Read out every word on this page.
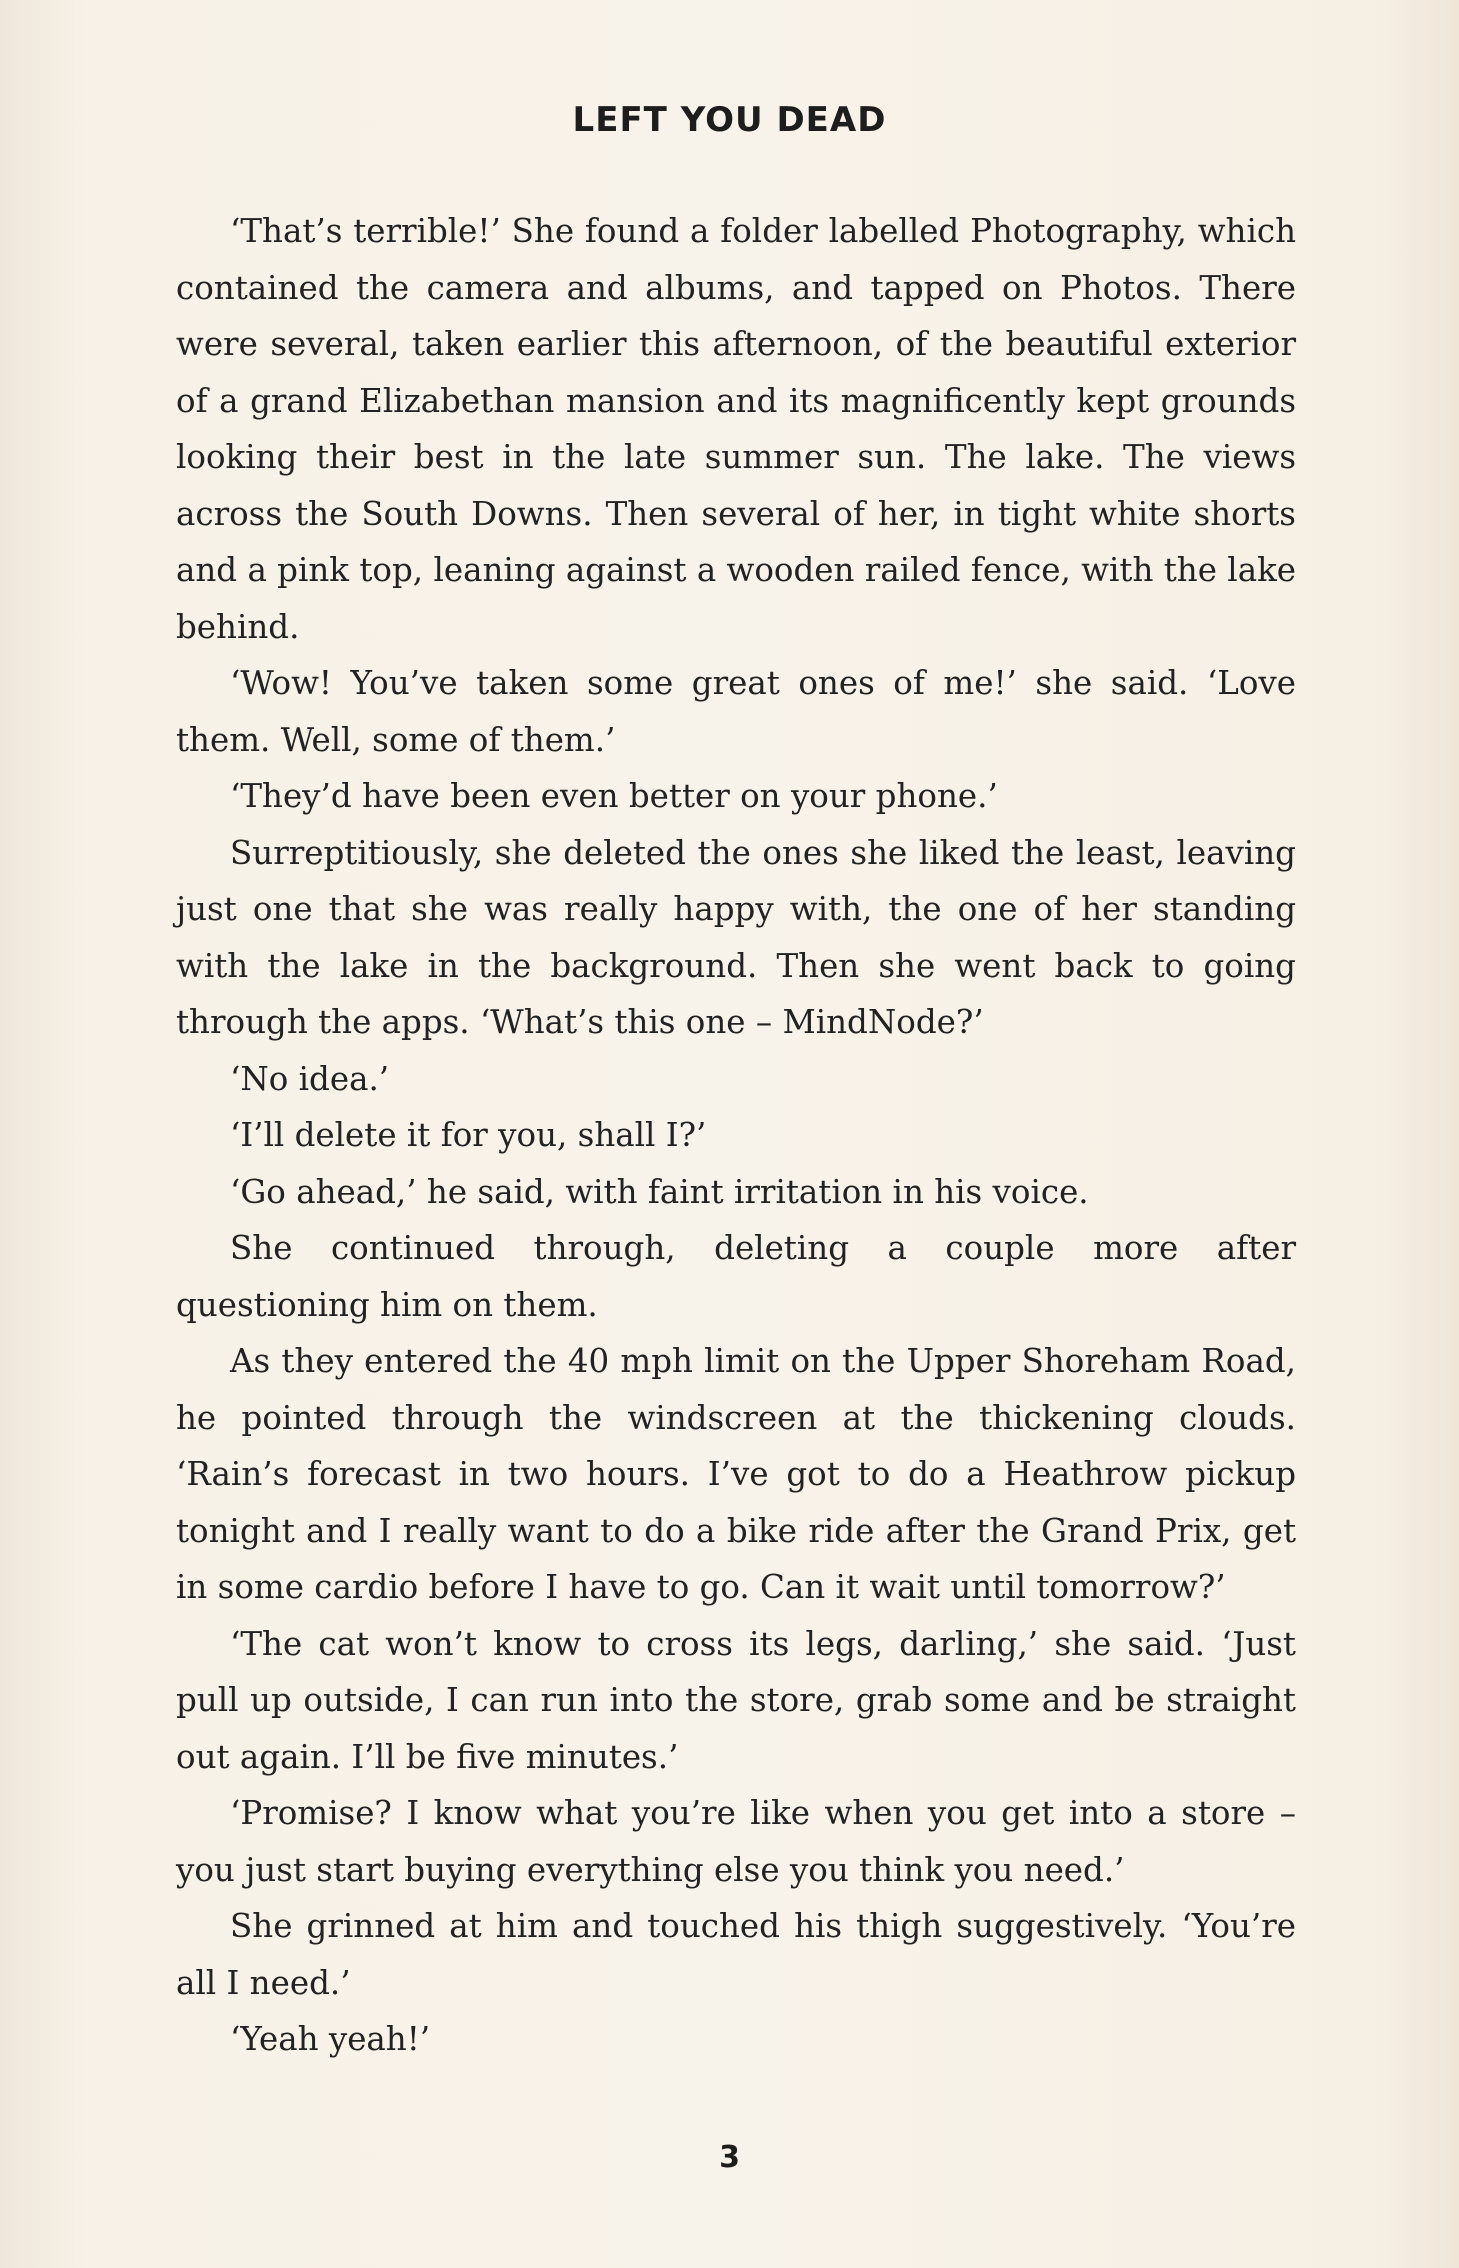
LEFT YOU DEAD

‘That’s terrible!’ She found a folder labelled Photography, which contained the camera and albums, and tapped on Photos. There were several, taken earlier this afternoon, of the beautiful exterior of a grand Elizabethan mansion and its magnificently kept grounds looking their best in the late summer sun. The lake. The views across the South Downs. Then several of her, in tight white shorts and a pink top, leaning against a wooden railed fence, with the lake behind.

‘Wow! You’ve taken some great ones of me!’ she said. ‘Love them. Well, some of them.’

‘They’d have been even better on your phone.’

Surreptitiously, she deleted the ones she liked the least, leaving just one that she was really happy with, the one of her standing with the lake in the background. Then she went back to going through the apps. ‘What’s this one – MindNode?’

‘No idea.’

‘I’ll delete it for you, shall I?’

‘Go ahead,’ he said, with faint irritation in his voice.

She continued through, deleting a couple more after questioning him on them.

As they entered the 40 mph limit on the Upper Shoreham Road, he pointed through the windscreen at the thickening clouds. ‘Rain’s forecast in two hours. I’ve got to do a Heathrow pickup tonight and I really want to do a bike ride after the Grand Prix, get in some cardio before I have to go. Can it wait until tomorrow?’

‘The cat won’t know to cross its legs, darling,’ she said. ‘Just pull up outside, I can run into the store, grab some and be straight out again. I’ll be five minutes.’

‘Promise? I know what you’re like when you get into a store – you just start buying everything else you think you need.’

She grinned at him and touched his thigh suggestively. ‘You’re all I need.’

‘Yeah yeah!’

3
